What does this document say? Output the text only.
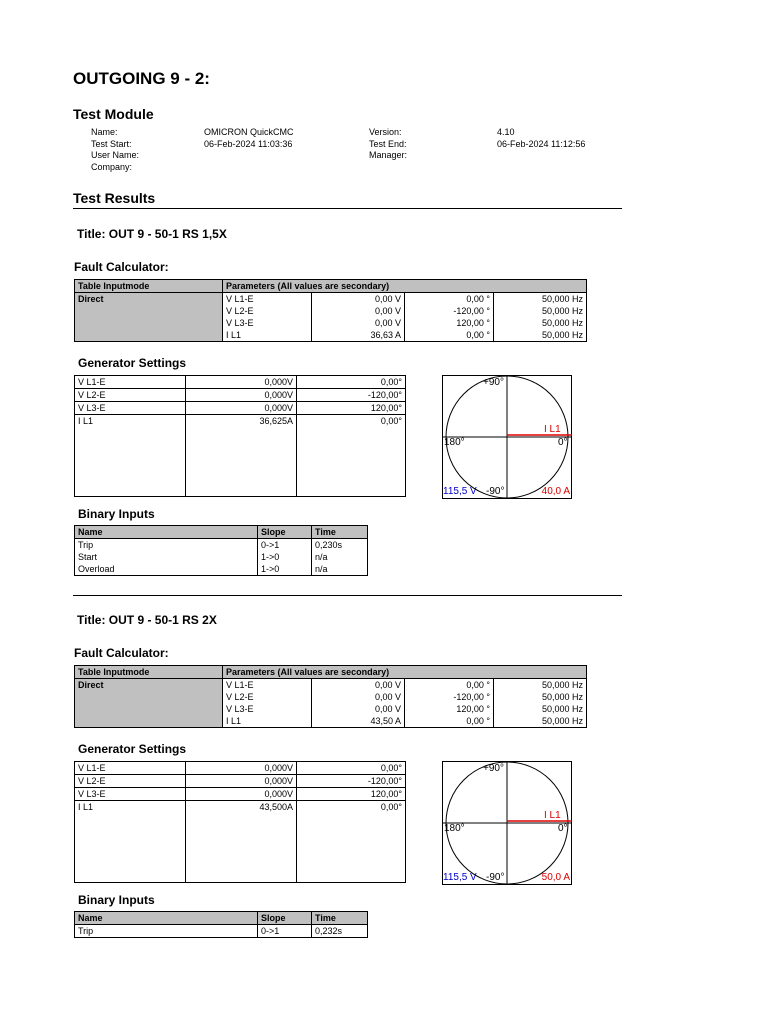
OUTGOING 9 - 2:
Test Module
Name:	OMICRON QuickCMC	Version:	4.10
Test Start:	06-Feb-2024 11:03:36	Test End:	06-Feb-2024 11:12:56
User Name:		Manager:	
Company:			
Test Results
Title: OUT 9 - 50-1 RS 1,5X
Fault Calculator:
Table Inputmode	Parameters (All values are secondary)			
Direct	V L1-E	0,00 V	0,00 °	50,000 Hz
	V L2-E	0,00 V	-120,00 °	50,000 Hz
	V L3-E	0,00 V	120,00 °	50,000 Hz
	I L1	36,63 A	0,00 °	50,000 Hz
Generator Settings
V L1-E	0,000V	0,00°
V L2-E	0,000V	-120,00°
V L3-E	0,000V	120,00°
I L1	36,625A	0,00°

+90°
180°	0°
I L1
-90°
115,5 V	40,0 A
Binary Inputs
Name	Slope	Time
Trip	0->1	0,230s
Start	1->0	n/a
Overload	1->0	n/a
Title: OUT 9 - 50-1 RS 2X
Fault Calculator:
Table Inputmode	Parameters (All values are secondary)			
Direct	V L1-E	0,00 V	0,00 °	50,000 Hz
	V L2-E	0,00 V	-120,00 °	50,000 Hz
	V L3-E	0,00 V	120,00 °	50,000 Hz
	I L1	43,50 A	0,00 °	50,000 Hz
Generator Settings
V L1-E	0,000V	0,00°
V L2-E	0,000V	-120,00°
V L3-E	0,000V	120,00°
I L1	43,500A	0,00°

+90°
180°	0°
I L1
-90°
115,5 V	50,0 A
Binary Inputs
Name	Slope	Time
Trip	0->1	0,232s
